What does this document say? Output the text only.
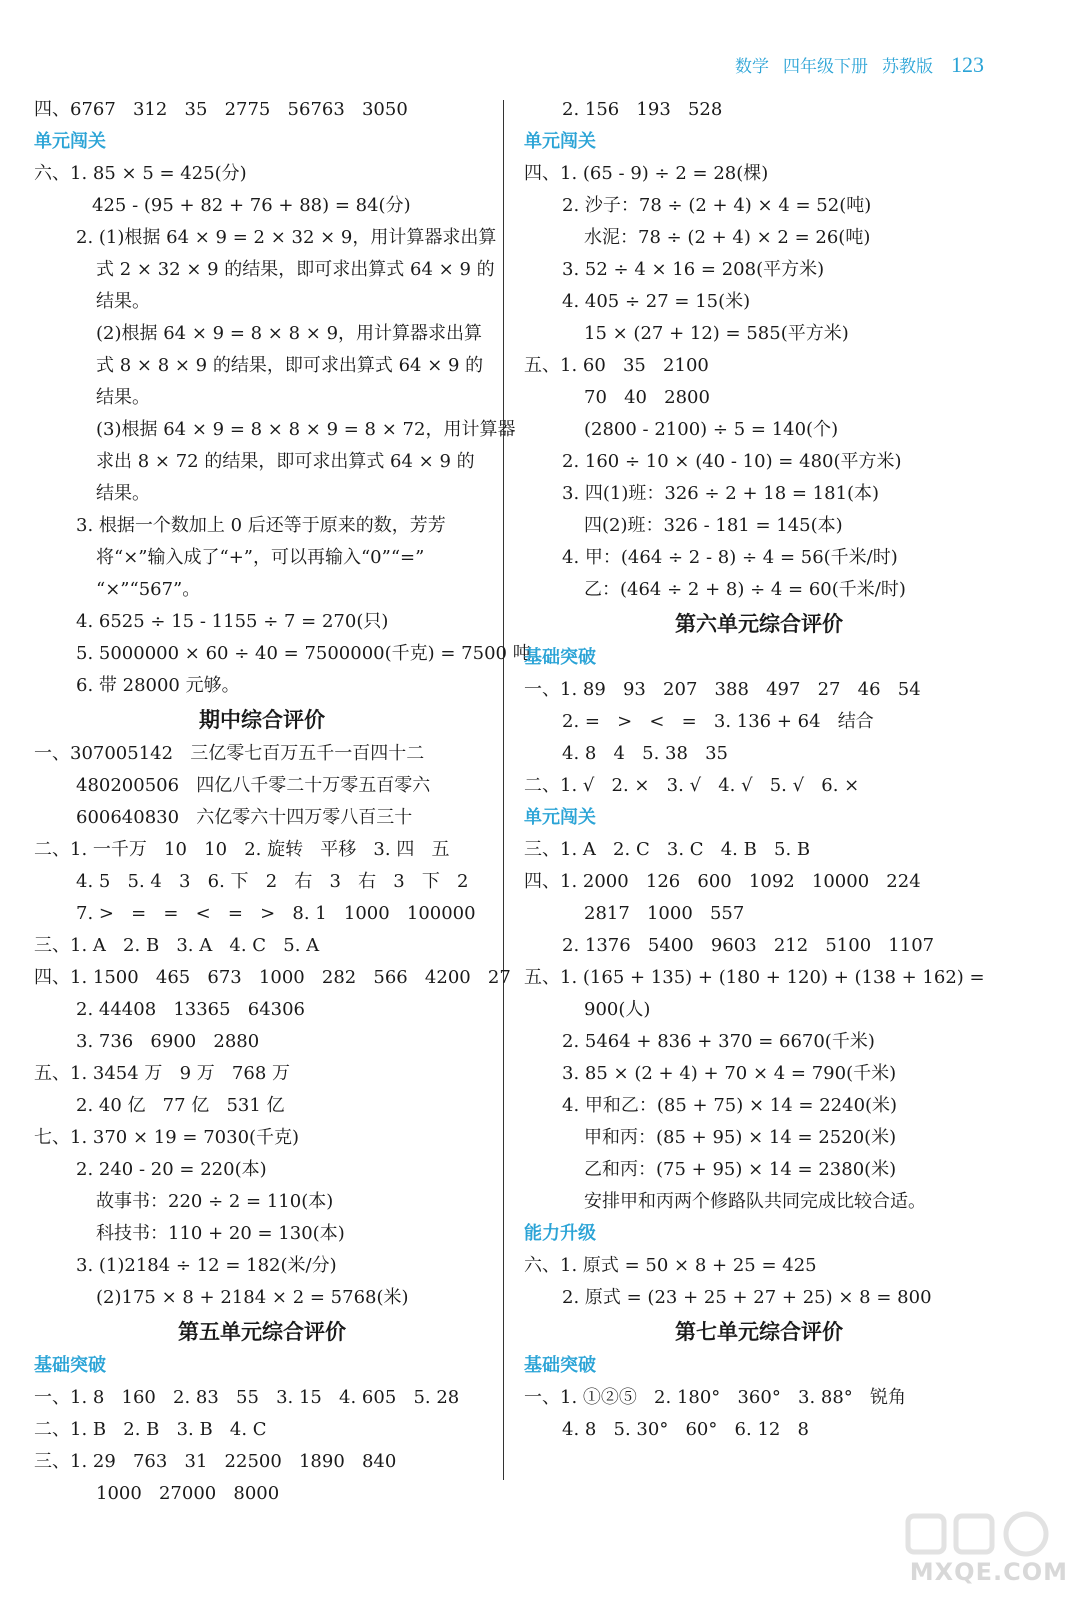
数学 四年级下册 苏教版 123
四、6767   312   35   2775   56763   3050
单元闯关
六、1. 85 × 5 = 425(分)
425 - (95 + 82 + 76 + 88) = 84(分)
2. (1)根据 64 × 9 = 2 × 32 × 9，用计算器求出算
式 2 × 32 × 9 的结果，即可求出算式 64 × 9 的
结果。
(2)根据 64 × 9 = 8 × 8 × 9，用计算器求出算
式 8 × 8 × 9 的结果，即可求出算式 64 × 9 的
结果。
(3)根据 64 × 9 = 8 × 8 × 9 = 8 × 72，用计算器
求出 8 × 72 的结果，即可求出算式 64 × 9 的
结果。
3. 根据一个数加上 0 后还等于原来的数，芳芳
将“×”输入成了“+”，可以再输入“0”“=”
“×”“567”。
4. 6525 ÷ 15 - 1155 ÷ 7 = 270(只)
5. 5000000 × 60 ÷ 40 = 7500000(千克) = 7500 吨
6. 带 28000 元够。
期中综合评价
一、307005142   三亿零七百万五千一百四十二
480200506   四亿八千零二十万零五百零六
600640830   六亿零六十四万零八百三十
二、1. 一千万   10   10   2. 旋转   平移   3. 四   五
4. 5   5. 4   3   6. 下   2   右   3   右   3   下   2
7. >   =   =   <   =   >   8. 1   1000   100000
三、1. A   2. B   3. A   4. C   5. A
四、1. 1500   465   673   1000   282   566   4200   27
2. 44408   13365   64306
3. 736   6900   2880
五、1. 3454 万   9 万   768 万
2. 40 亿   77 亿   531 亿
七、1. 370 × 19 = 7030(千克)
2. 240 - 20 = 220(本)
故事书：220 ÷ 2 = 110(本)
科技书：110 + 20 = 130(本)
3. (1)2184 ÷ 12 = 182(米/分)
(2)175 × 8 + 2184 × 2 = 5768(米)
第五单元综合评价
基础突破
一、1. 8   160   2. 83   55   3. 15   4. 605   5. 28
二、1. B   2. B   3. B   4. C
三、1. 29   763   31   22500   1890   840
1000   27000   8000
2. 156   193   528
单元闯关
四、1. (65 - 9) ÷ 2 = 28(棵)
2. 沙子：78 ÷ (2 + 4) × 4 = 52(吨)
水泥：78 ÷ (2 + 4) × 2 = 26(吨)
3. 52 ÷ 4 × 16 = 208(平方米)
4. 405 ÷ 27 = 15(米)
15 × (27 + 12) = 585(平方米)
五、1. 60   35   2100
70   40   2800
(2800 - 2100) ÷ 5 = 140(个)
2. 160 ÷ 10 × (40 - 10) = 480(平方米)
3. 四(1)班：326 ÷ 2 + 18 = 181(本)
四(2)班：326 - 181 = 145(本)
4. 甲：(464 ÷ 2 - 8) ÷ 4 = 56(千米/时)
乙：(464 ÷ 2 + 8) ÷ 4 = 60(千米/时)
第六单元综合评价
基础突破
一、1. 89   93   207   388   497   27   46   54
2. =   >   <   =   3. 136 + 64   结合
4. 8   4   5. 38   35
二、1. √   2. ×   3. √   4. √   5. √   6. ×
单元闯关
三、1. A   2. C   3. C   4. B   5. B
四、1. 2000   126   600   1092   10000   224
2817   1000   557
2. 1376   5400   9603   212   5100   1107
五、1. (165 + 135) + (180 + 120) + (138 + 162) =
900(人)
2. 5464 + 836 + 370 = 6670(千米)
3. 85 × (2 + 4) + 70 × 4 = 790(千米)
4. 甲和乙：(85 + 75) × 14 = 2240(米)
甲和丙：(85 + 95) × 14 = 2520(米)
乙和丙：(75 + 95) × 14 = 2380(米)
安排甲和丙两个修路队共同完成比较合适。
能力升级
六、1. 原式 = 50 × 8 + 25 = 425
2. 原式 = (23 + 25 + 27 + 25) × 8 = 800
第七单元综合评价
基础突破
一、1. ①②⑤   2. 180°   360°   3. 88°   锐角
4. 8   5. 30°   60°   6. 12   8
MXQE.COM
